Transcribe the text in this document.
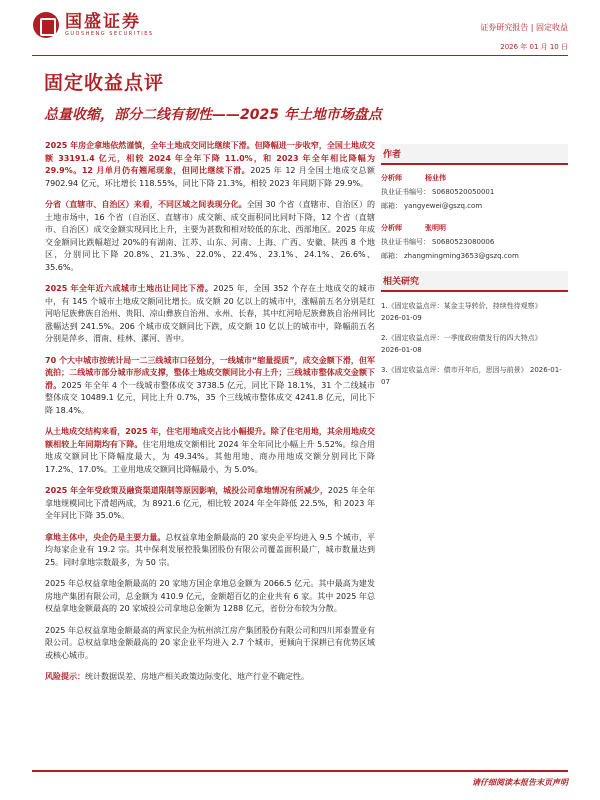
国盛证券
GUOSHENG SECURITIES
证券研究报告 | 固定收益
2026 年 01 月 10 日
固定收益点评
总量收缩，部分二线有韧性——2025 年土地市场盘点

2025 年房企拿地依然谨慎，全年土地成交同比继续下滑。但降幅进一步收窄，全国土地成交额 33191.4 亿元，相较 2024 年全年下降 11.0%，和 2023 年全年相比降幅为 29.9%。12 月单月仍有翘尾现象，但同比继续下滑。2025 年 12 月全国土地成交总额 7902.94 亿元，环比增长 118.55%，同比下降 21.3%，相较 2023 年同期下降 29.9%。

分省（直辖市、自治区）来看，不同区域之间表现分化。全国 30 个省（直辖市、自治区）的土地市场中，16 个省（自治区、直辖市）成交额、成交面积同比同时下降，12 个省（直辖市、自治区）成交金额实现同比上升，主要为甚数和相对较低的东北、西部地区。2025 年成交金额同比跌幅超过 20%的有湖南、江苏、山东、河南、上海、广西、安徽、陕西 8 个地区，分别同比下降 20.8%、21.3%、22.0%、22.4%、23.1%、24.1%、26.6%、35.6%。

2025 年全年近六成城市土地出让同比下滑。2025 年，全国 352 个存在土地成交的城市中，有 145 个城市土地成交额同比增长。成交额 20 亿以上的城市中，涨幅前五名分别是红河哈尼族彝族自治州、贵阳、凉山彝族自治州、永州、长春，其中红河哈尼族彝族自治州同比涨幅达到 241.5%。206 个城市成交额同比下跌，成交额 10 亿以上的城市中，降幅前五名分别是萍乡、渭南、桂林、漯河、晋中。

70 个大中城市按统计局一二三线城市口径划分，一线城市“缩量提质”，成交金额下滑，但军流拍；二线城市部分城市形成支撑，整体土地成交额同比小有上升；三线城市整体成交金额下滑。2025 年全年 4 个一线城市整体成交 3738.5 亿元，同比下降 18.1%，31 个二线城市整体成交 10489.1 亿元，同比上升 0.7%，35 个三线城市整体成交 4241.8 亿元，同比下降 18.4%。

从土地成交结构来看，2025 年，住宅用地成交占比小幅提升。除了住宅用地，其余用地成交额相较上年同期均有下降。住宅用地成交额相比 2024 年全年同比小幅上升 5.52%。综合用地成交额同比下降幅度最大，为 49.34%。其他用地、商办用地成交额分别同比下降 17.2%、17.0%。工业用地成交额同比降幅最小，为 5.0%。

2025 年全年受政策及融资渠道限制等原因影响，城投公司拿地情况有所减少，2025 年全年拿地规模同比下滑超两成，为 8921.6 亿元，相比较 2024 年全年降低 22.5%，和 2023 年全年同比下降 35.0%。

拿地主体中，央企仍是主要力量。总权益拿地金额最高的 20 家央企平均进入 9.5 个城市，平均每家企业有 19.2 宗。其中保利发展控股集团股份有限公司覆盖面积最广，城市数量达到 25。同时拿地宗数最多，为 50 宗。

2025 年总权益拿地金额最高的 20 家地方国企拿地总金额为 2066.5 亿元。其中最高为建发房地产集团有限公司，总金额为 410.9 亿元，金额超百亿的企业共有 6 家。其中 2025 年总权益拿地金额最高的 20 家城投公司拿地总金额为 1288 亿元，省份分布较为分散。

2025 年总权益拿地金额最高的两家民企为杭州滨江房产集团股份有限公司和四川邦泰置业有限公司。总权益拿地金额最高的 20 家企业平均进入 2.7 个城市，更倾向于深耕已有优势区域或核心城市。

风险提示：统计数据误差、房地产相关政策边际变化、地产行业不确定性。

作者
分析师	杨业伟
执业证书编号： S0680520050001
邮箱： yangyewei@gszq.com
分析师	张明明
执业证书编号： S0680523080006
邮箱： zhangmingming3653@gszq.com
相关研究
1.《固定收益点评：某金主导转价，持续性待观察》
2026-01-09
2.《固定收益点评：一季度政府债发行的四大特点》
2026-01-08
3.《固定收益点评：债市开年后，思因与前景》 2026-01-07
请仔细阅读本报告末页声明
